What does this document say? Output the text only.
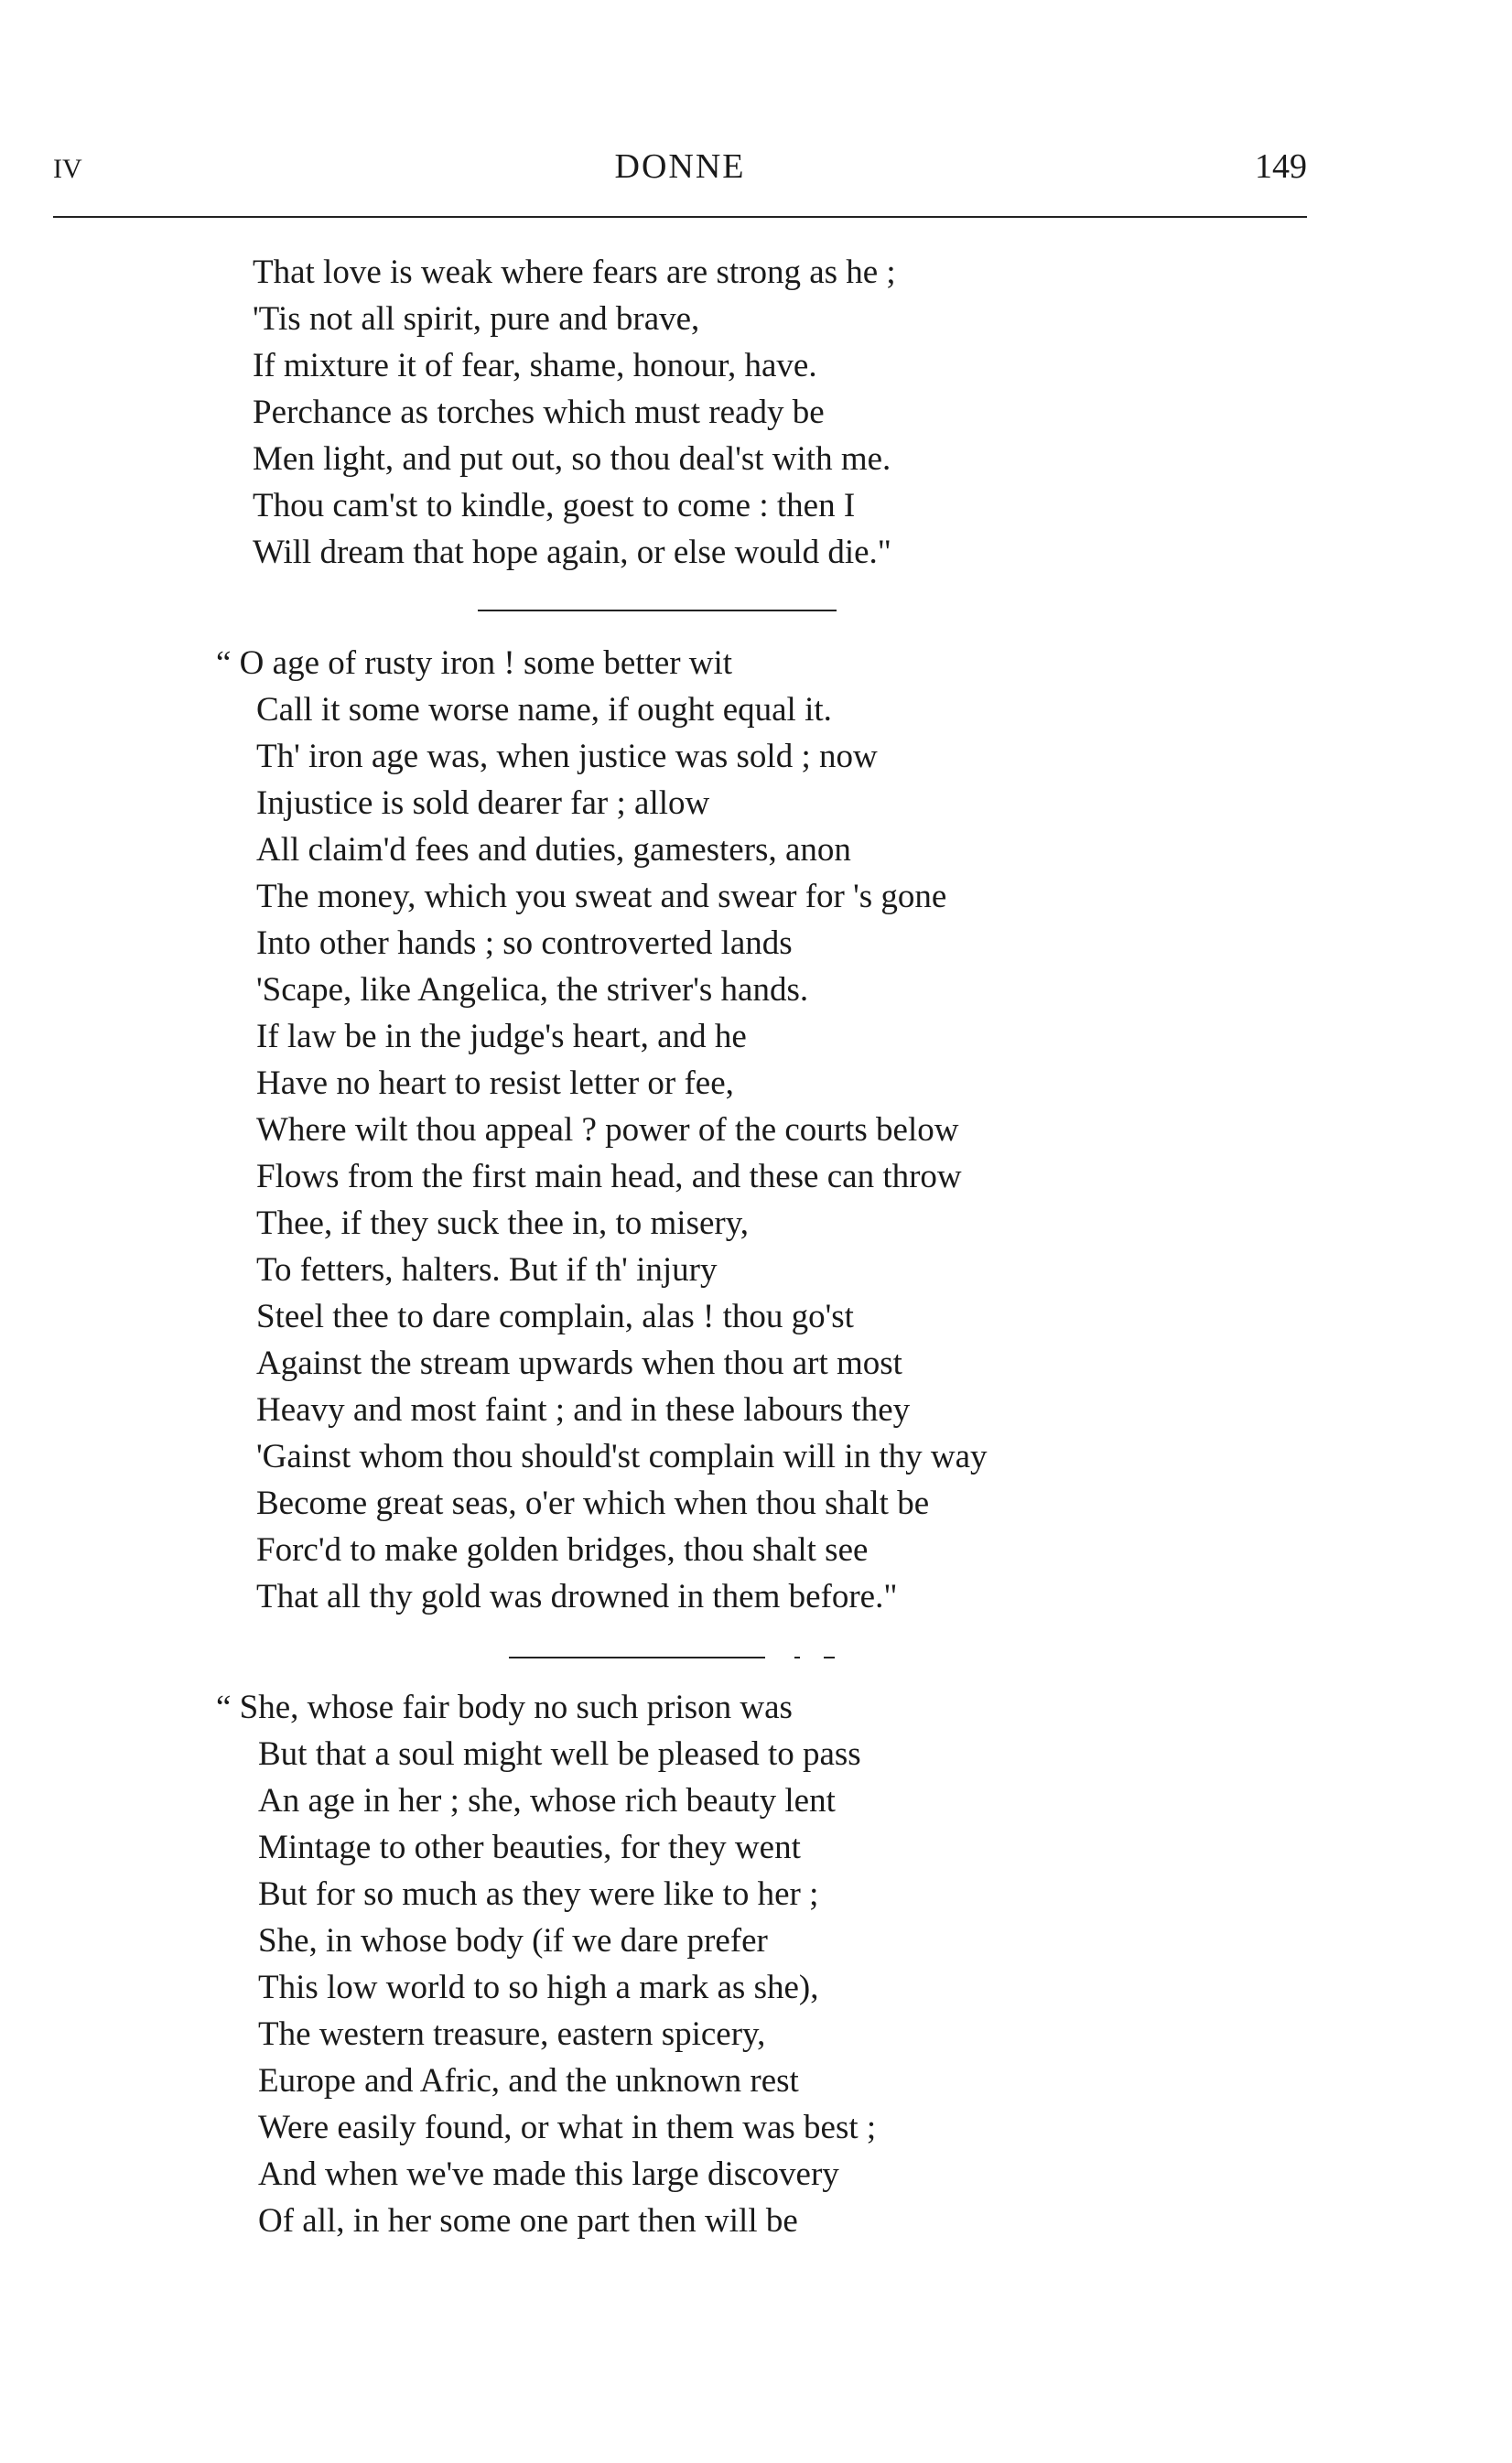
IV	DONNE	149
That love is weak where fears are strong as he ;
'Tis not all spirit, pure and brave,
If mixture it of fear, shame, honour, have.
Perchance as torches which must ready be
Men light, and put out, so thou deal'st with me.
Thou cam'st to kindle, goest to come : then I
Will dream that hope again, or else would die."
“ O age of rusty iron ! some better wit
Call it some worse name, if ought equal it.
Th' iron age was, when justice was sold ; now
Injustice is sold dearer far ; allow
All claim'd fees and duties, gamesters, anon
The money, which you sweat and swear for 's gone
Into other hands ; so controverted lands
'Scape, like Angelica, the striver's hands.
If law be in the judge's heart, and he
Have no heart to resist letter or fee,
Where wilt thou appeal ? power of the courts below
Flows from the first main head, and these can throw
Thee, if they suck thee in, to misery,
To fetters, halters. But if th' injury
Steel thee to dare complain, alas ! thou go'st
Against the stream upwards when thou art most
Heavy and most faint ; and in these labours they
'Gainst whom thou should'st complain will in thy way
Become great seas, o'er which when thou shalt be
Forc'd to make golden bridges, thou shalt see
That all thy gold was drowned in them before."
“ She, whose fair body no such prison was
But that a soul might well be pleased to pass
An age in her ; she, whose rich beauty lent
Mintage to other beauties, for they went
But for so much as they were like to her ;
She, in whose body (if we dare prefer
This low world to so high a mark as she),
The western treasure, eastern spicery,
Europe and Afric, and the unknown rest
Were easily found, or what in them was best ;
And when we've made this large discovery
Of all, in her some one part then will be
